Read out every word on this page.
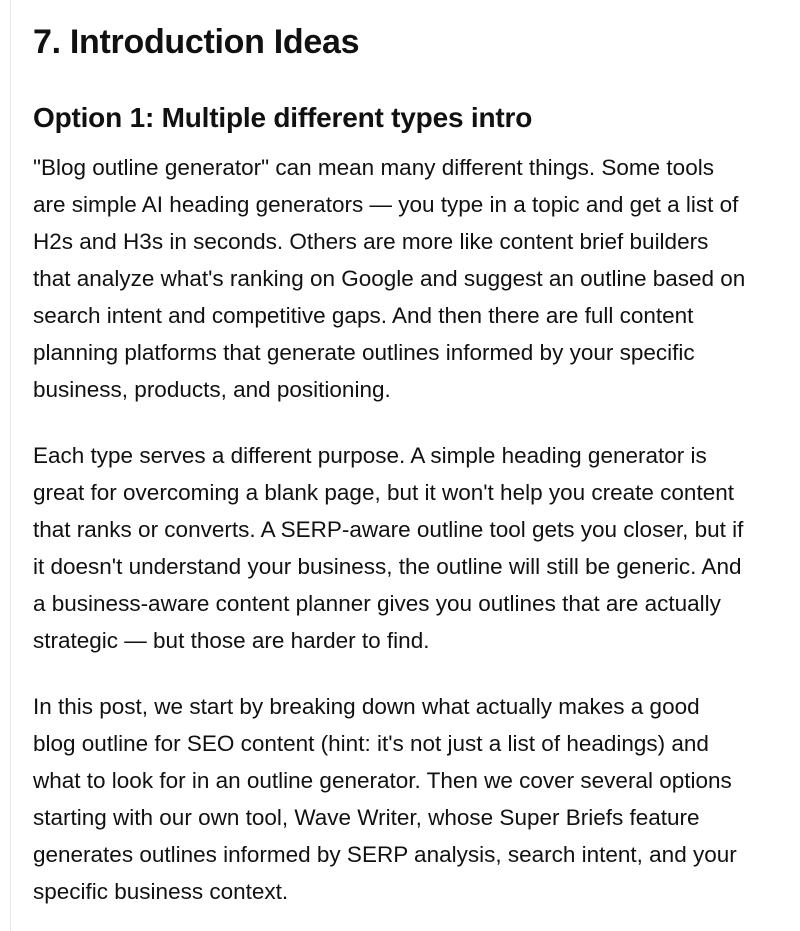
7. Introduction Ideas
Option 1: Multiple different types intro

"Blog outline generator" can mean many different things. Some tools
are simple AI heading generators — you type in a topic and get a list of
H2s and H3s in seconds. Others are more like content brief builders
that analyze what's ranking on Google and suggest an outline based on
search intent and competitive gaps. And then there are full content
planning platforms that generate outlines informed by your specific
business, products, and positioning.

Each type serves a different purpose. A simple heading generator is
great for overcoming a blank page, but it won't help you create content
that ranks or converts. A SERP-aware outline tool gets you closer, but if
it doesn't understand your business, the outline will still be generic. And
a business-aware content planner gives you outlines that are actually
strategic — but those are harder to find.

In this post, we start by breaking down what actually makes a good
blog outline for SEO content (hint: it's not just a list of headings) and
what to look for in an outline generator. Then we cover several options
starting with our own tool, Wave Writer, whose Super Briefs feature
generates outlines informed by SERP analysis, search intent, and your
specific business context.
